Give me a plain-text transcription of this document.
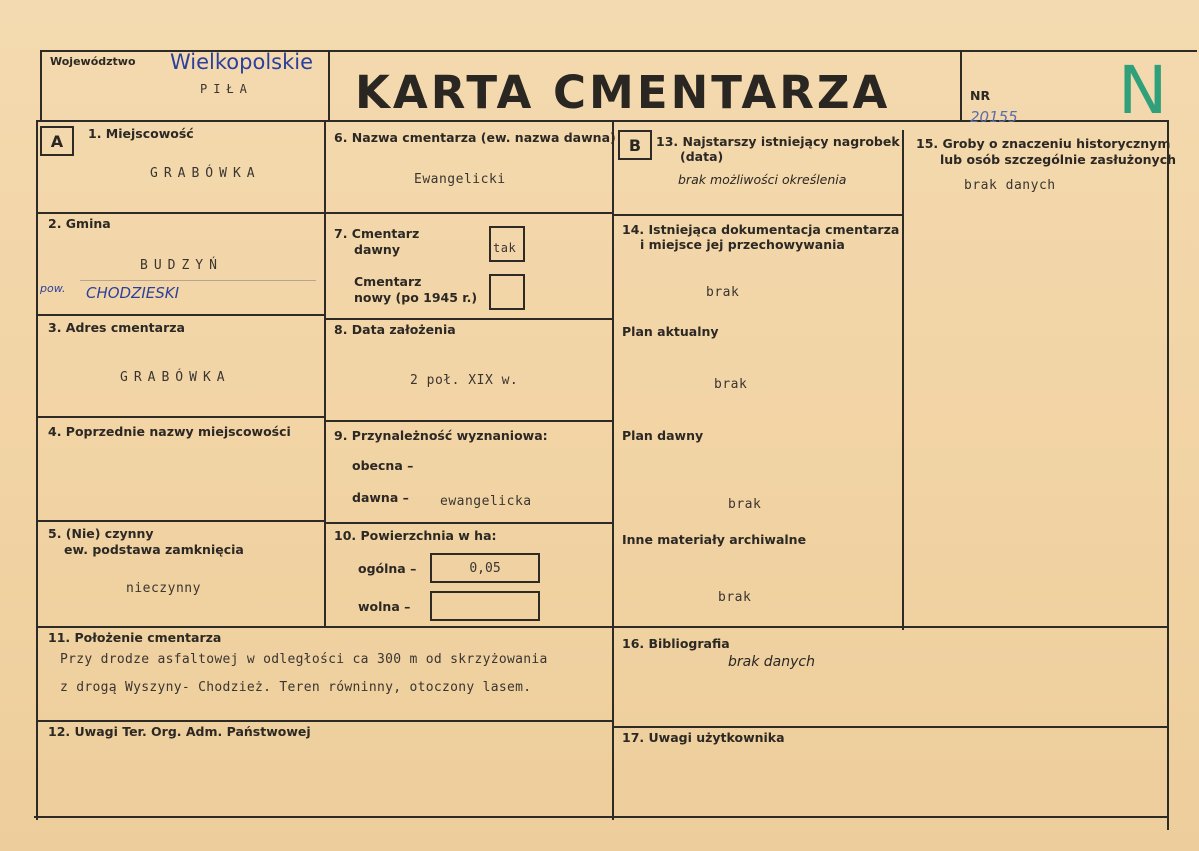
Województwo Wielkopolskie
PIŁA KARTA CMENTARZA	NR
20155 N
A	B
1. Miejscowość
GRABÓWKA
2. Gmina
BUDZYŃ
pow. CHODZIESKI
3. Adres cmentarza
GRABÓWKA
4. Poprzednie nazwy miejscowości
5. (Nie) czynny
ew. podstawa zamknięcia
nieczynny
6. Nazwa cmentarza (ew. nazwa dawna)
Ewangelicki
7. Cmentarz
dawny	tak
Cmentarz
nowy (po 1945 r.)
8. Data założenia
2 poł. XIX w.
9. Przynależność wyznaniowa:
obecna –
dawna – ewangelicka
10. Powierzchnia w ha:
ogólna –	0,05
wolna –
11. Położenie cmentarza
Przy drodze asfaltowej w odległości ca 300 m od skrzyżowania
z drogą Wyszyny- Chodzież. Teren równinny, otoczony lasem.
12. Uwagi Ter. Org. Adm. Państwowej
13. Najstarszy istniejący nagrobek
(data)
brak możliwości określenia
14. Istniejąca dokumentacja cmentarza
i miejsce jej przechowywania
brak
Plan aktualny
brak
Plan dawny
brak
Inne materiały archiwalne
brak
15. Groby o znaczeniu historycznym
lub osób szczególnie zasłużonych
brak danych
16. Bibliografia
brak danych
17. Uwagi użytkownika
